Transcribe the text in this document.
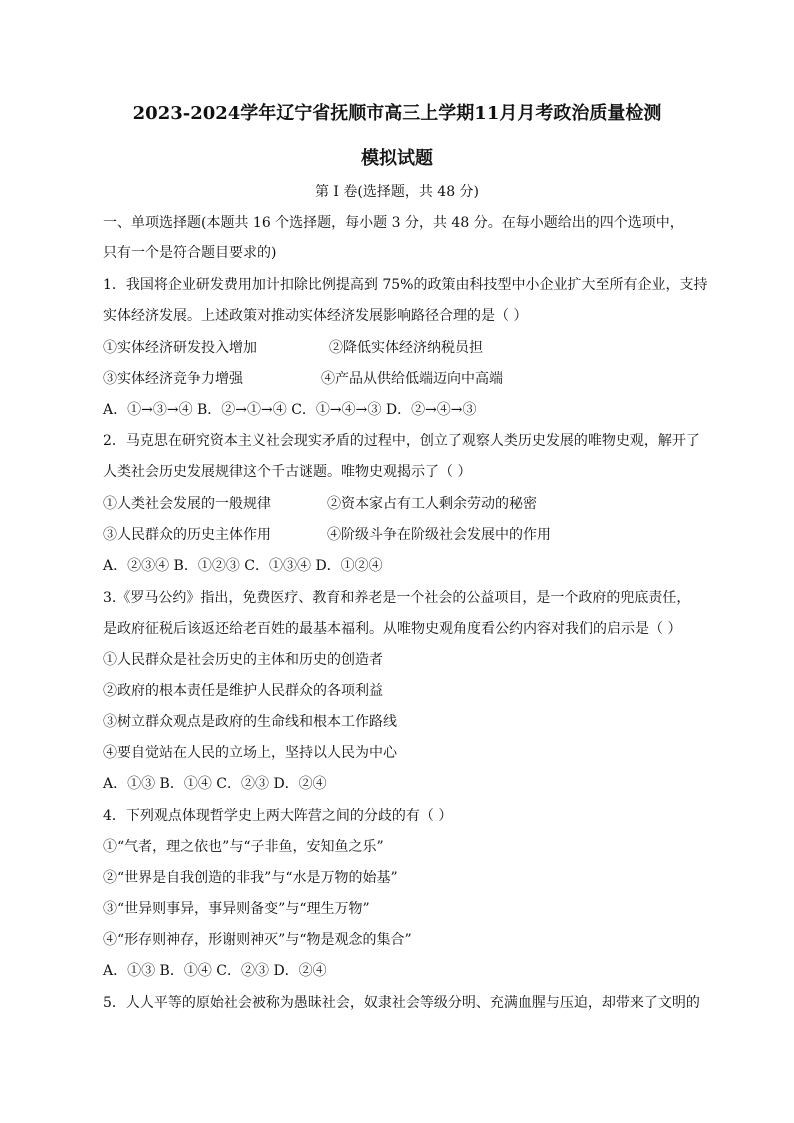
2023-2024学年辽宁省抚顺市高三上学期11月月考政治质量检测
模拟试题
第 I 卷(选择题，共 48 分)
一、单项选择题(本题共 16 个选择题，每小题 3 分，共 48 分。在每小题给出的四个选项中，
只有一个是符合题目要求的)
1．我国将企业研发费用加计扣除比例提高到 75%的政策由科技型中小企业扩大至所有企业，支持
实体经济发展。上述政策对推动实体经济发展影响路径合理的是（ ）
①实体经济研发投入增加	②降低实体经济纳税员担
③实体经济竞争力增强	④产品从供给低端迈向中高端
A．①→③→④ B．②→①→④ C．①→④→③ D．②→④→③
2．马克思在研究资本主义社会现实矛盾的过程中，创立了观察人类历史发展的唯物史观，解开了
人类社会历史发展规律这个千古谜题。唯物史观揭示了（ ）
①人类社会发展的一般规律	②资本家占有工人剩余劳动的秘密
③人民群众的历史主体作用	④阶级斗争在阶级社会发展中的作用
A．②③④ B．①②③ C．①③④ D．①②④
3.《罗马公约》指出，免费医疗、教育和养老是一个社会的公益项目，是一个政府的兜底责任，
是政府征税后该返还给老百姓的最基本福利。从唯物史观角度看公约内容对我们的启示是（ ）
①人民群众是社会历史的主体和历史的创造者
②政府的根本责任是维护人民群众的各项利益
③树立群众观点是政府的生命线和根本工作路线
④要自觉站在人民的立场上，坚持以人民为中心
A．①③ B．①④ C．②③ D．②④
4．下列观点体现哲学史上两大阵营之间的分歧的有（ ）
①“气者，理之依也”与“子非鱼，安知鱼之乐”
②“世界是自我创造的非我”与“水是万物的始基”
③“世异则事异，事异则备变”与“理生万物”
④“形存则神存，形谢则神灭”与“物是观念的集合”
A．①③ B．①④ C．②③ D．②④
5．人人平等的原始社会被称为愚昧社会，奴隶社会等级分明、充满血腥与压迫，却带来了文明的
